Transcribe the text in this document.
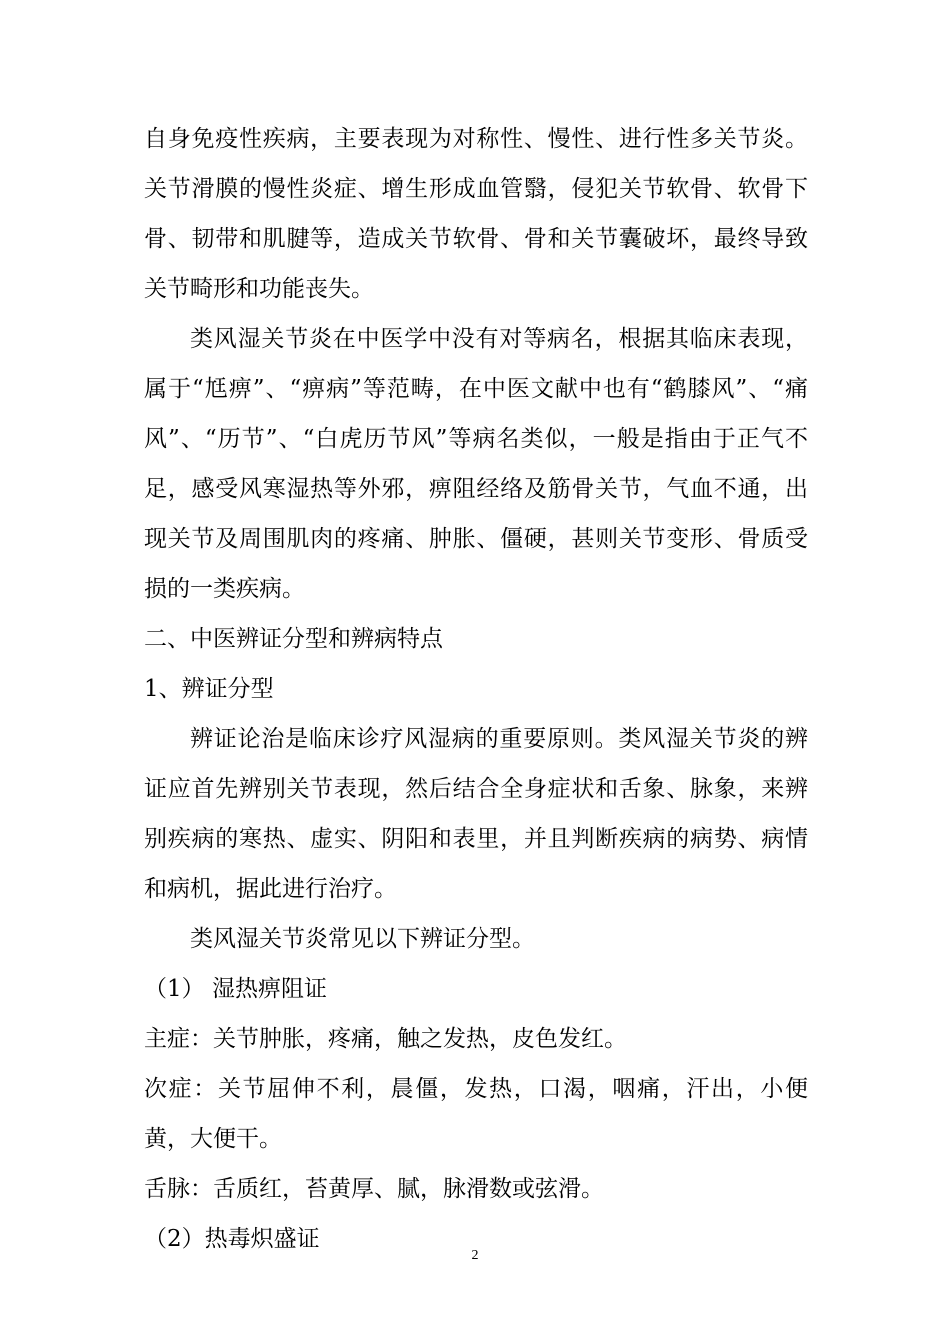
自身免疫性疾病，主要表现为对称性、慢性、进行性多关节炎。关节滑膜的慢性炎症、增生形成血管翳，侵犯关节软骨、软骨下骨、韧带和肌腱等，造成关节软骨、骨和关节囊破坏，最终导致关节畸形和功能丧失。

类风湿关节炎在中医学中没有对等病名，根据其临床表现，属于“尪痹”、“痹病”等范畴，在中医文献中也有“鹤膝风”、“痛风”、“历节”、“白虎历节风”等病名类似，一般是指由于正气不足，感受风寒湿热等外邪，痹阻经络及筋骨关节，气血不通，出现关节及周围肌肉的疼痛、肿胀、僵硬，甚则关节变形、骨质受损的一类疾病。

二、中医辨证分型和辨病特点

1、辨证分型

辨证论治是临床诊疗风湿病的重要原则。类风湿关节炎的辨证应首先辨别关节表现，然后结合全身症状和舌象、脉象，来辨别疾病的寒热、虚实、阴阳和表里，并且判断疾病的病势、病情和病机，据此进行治疗。

类风湿关节炎常见以下辨证分型。

（1） 湿热痹阻证

主症：关节肿胀，疼痛，触之发热，皮色发红。

次症：关节屈伸不利，晨僵，发热，口渴，咽痛，汗出，小便黄，大便干。

舌脉：舌质红，苔黄厚、腻，脉滑数或弦滑。

（2）热毒炽盛证

2
